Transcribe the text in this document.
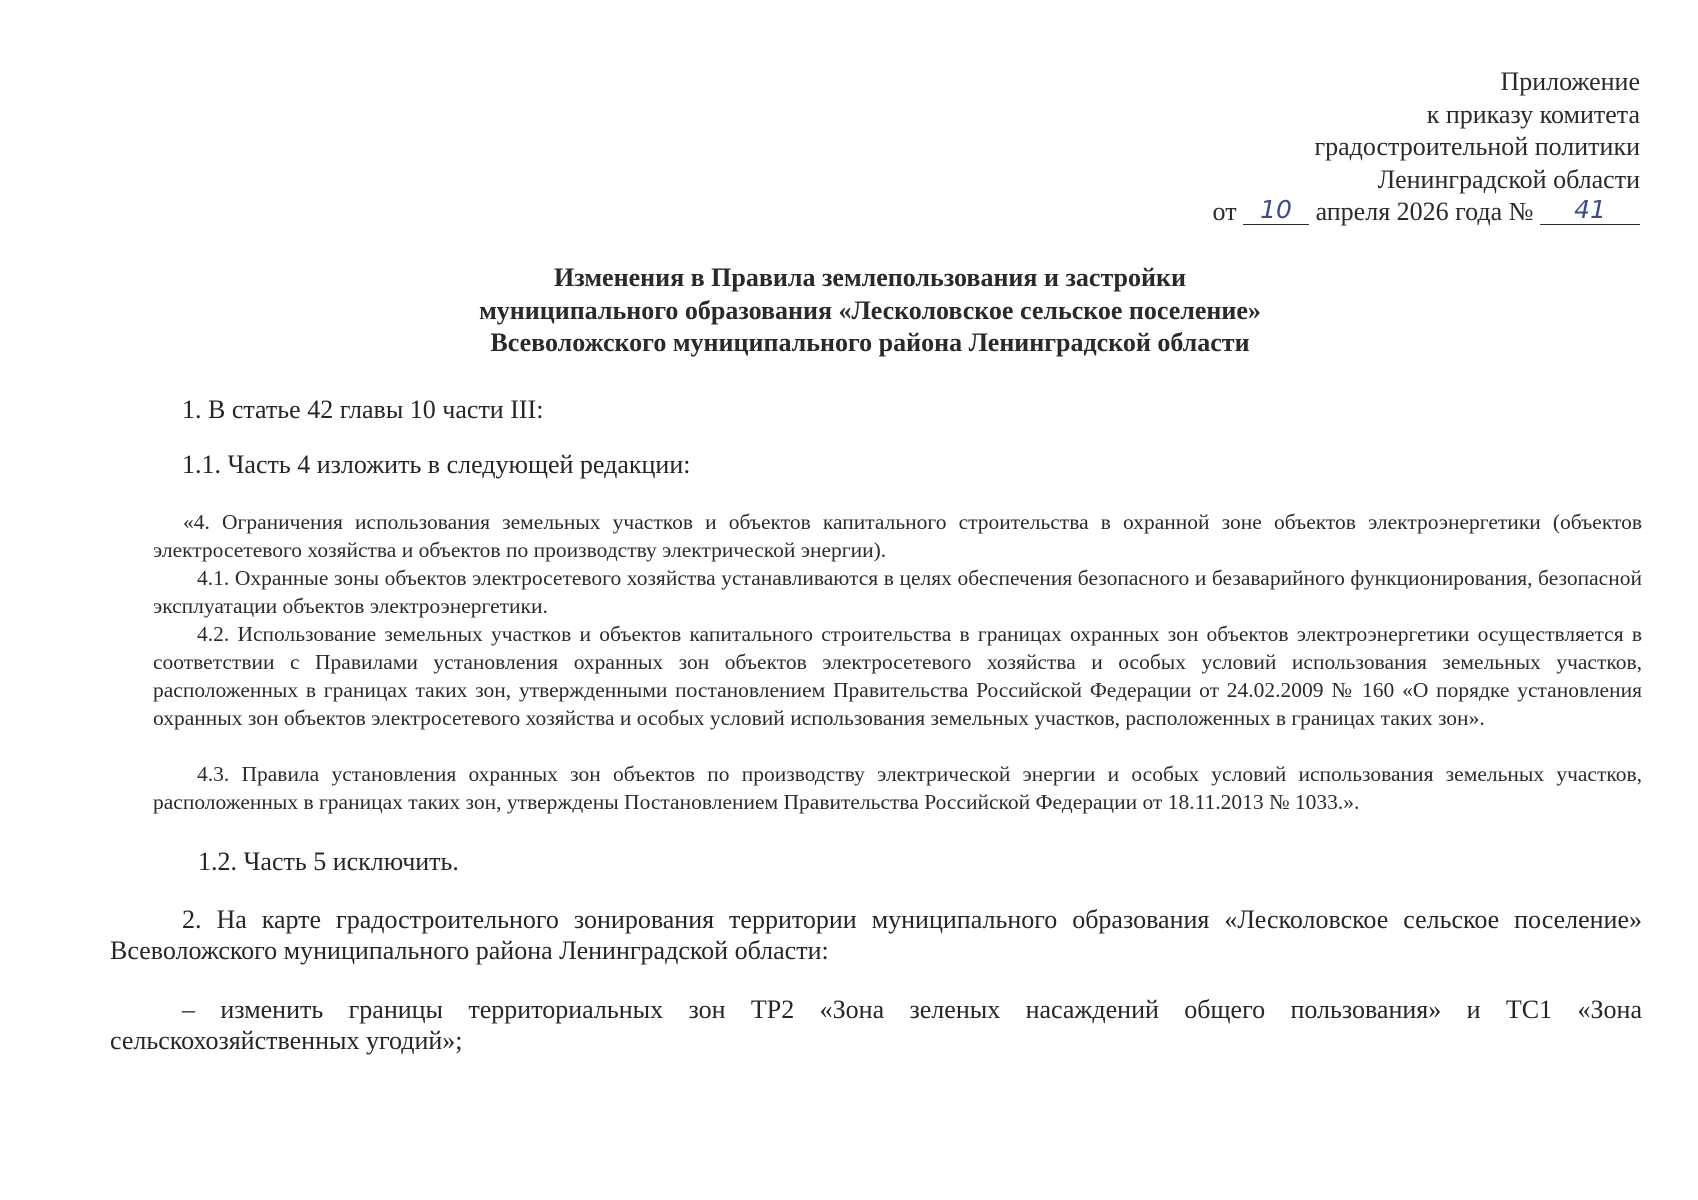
Приложение
к приказу комитета
градостроительной политики
Ленинградской области
от 10 апреля 2026 года № 41
Изменения в Правила землепользования и застройки
муниципального образования «Лесколовское сельское поселение»
Всеволожского муниципального района Ленинградской области
1. В статье 42 главы 10 части III:
1.1. Часть 4 изложить в следующей редакции:
«4. Ограничения использования земельных участков и объектов капитального строительства в охранной зоне объектов электроэнергетики (объектов электросетевого хозяйства и объектов по производству электрической энергии).
4.1. Охранные зоны объектов электросетевого хозяйства устанавливаются в целях обеспечения безопасного и безаварийного функционирования, безопасной эксплуатации объектов электроэнергетики.
4.2. Использование земельных участков и объектов капитального строительства в границах охранных зон объектов электроэнергетики осуществляется в соответствии с Правилами установления охранных зон объектов электросетевого хозяйства и особых условий использования земельных участков, расположенных в границах таких зон, утвержденными постановлением Правительства Российской Федерации от 24.02.2009 № 160 «О порядке установления охранных зон объектов электросетевого хозяйства и особых условий использования земельных участков, расположенных в границах таких зон».
4.3. Правила установления охранных зон объектов по производству электрической энергии и особых условий использования земельных участков, расположенных в границах таких зон, утверждены Постановлением Правительства Российской Федерации от 18.11.2013 № 1033.».
1.2. Часть 5 исключить.
2. На карте градостроительного зонирования территории муниципального образования «Лесколовское сельское поселение» Всеволожского муниципального района Ленинградской области:
– изменить границы территориальных зон ТР2 «Зона зеленых насаждений общего пользования» и ТС1 «Зона сельскохозяйственных угодий»;
